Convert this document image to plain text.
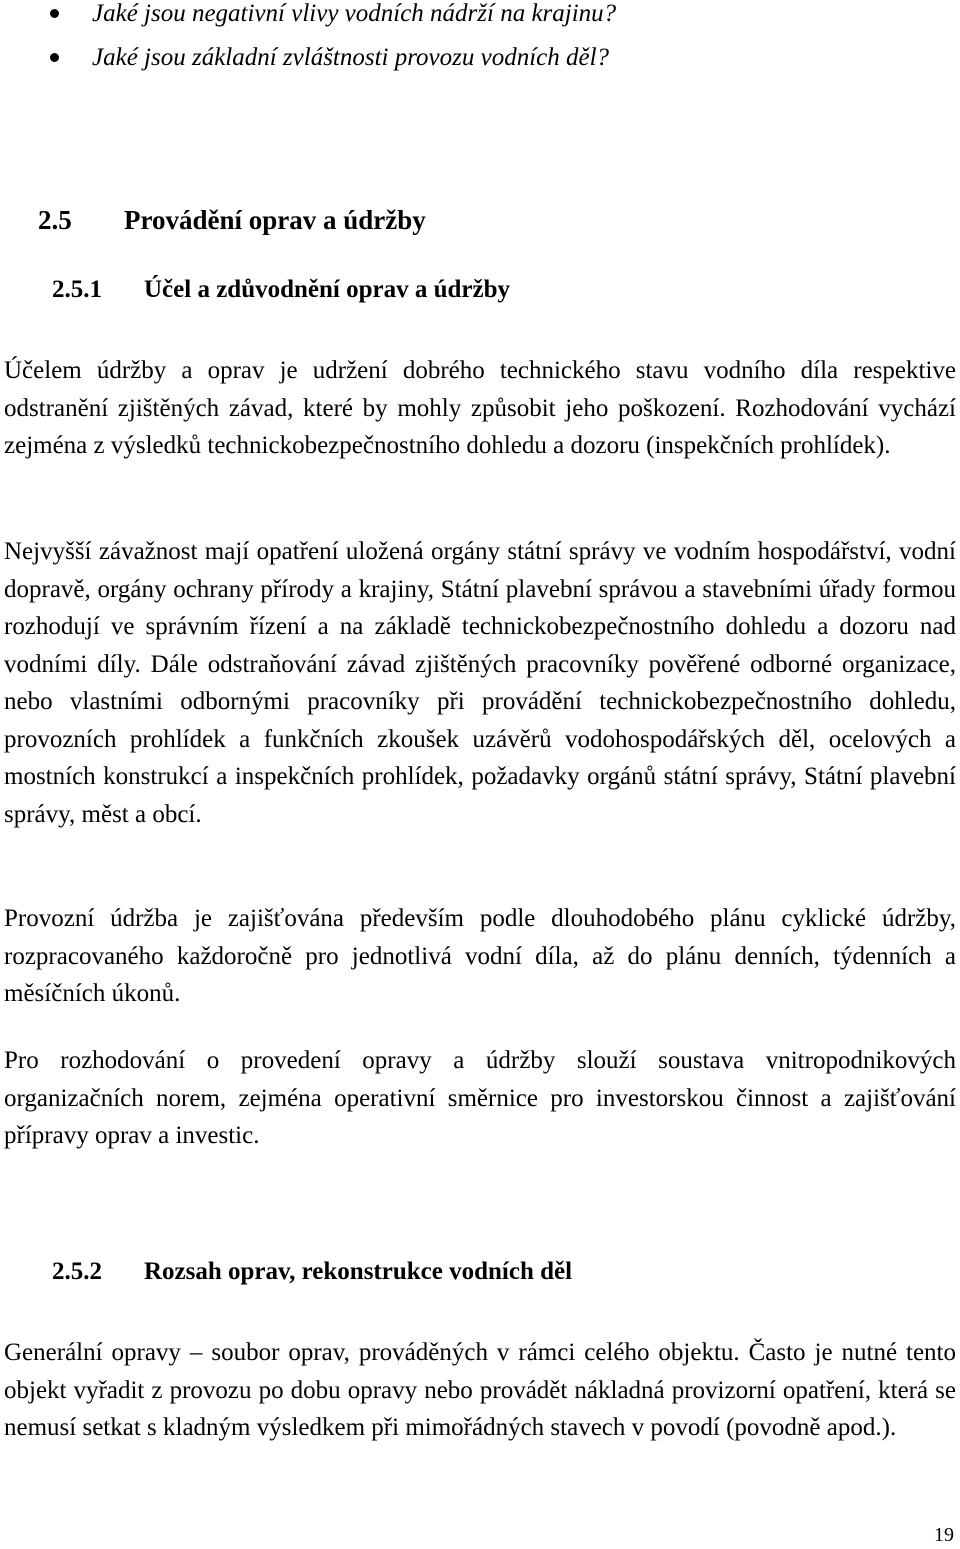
Jaké jsou negativní vlivy vodních nádrží na krajinu?
Jaké jsou základní zvláštnosti provozu vodních děl?
2.5 Provádění oprav a údržby
2.5.1 Účel a zdůvodnění oprav a údržby

Účelem údržby a oprav je udržení dobrého technického stavu vodního díla respektive odstranění zjištěných závad, které by mohly způsobit jeho poškození. Rozhodování vychází zejména z výsledků technickobezpečnostního dohledu a dozoru (inspekčních prohlídek).

Nejvyšší závažnost mají opatření uložená orgány státní správy ve vodním hospodářství, vodní dopravě, orgány ochrany přírody a krajiny, Státní plavební správou a stavebními úřady formou rozhodují ve správním řízení a na základě technickobezpečnostního dohledu a dozoru nad vodními díly. Dále odstraňování závad zjištěných pracovníky pověřené odborné organizace, nebo vlastními odbornými pracovníky při provádění technickobezpečnostního dohledu, provozních prohlídek a funkčních zkoušek uzávěrů vodohospodářských děl, ocelových a mostních konstrukcí a inspekčních prohlídek, požadavky orgánů státní správy, Státní plavební správy, měst a obcí.

Provozní údržba je zajišťována především podle dlouhodobého plánu cyklické údržby, rozpracovaného každoročně pro jednotlivá vodní díla, až do plánu denních, týdenních a měsíčních úkonů.

Pro rozhodování o provedení opravy a údržby slouží soustava vnitropodnikových organizačních norem, zejména operativní směrnice pro investorskou činnost a zajišťování přípravy oprav a investic.

2.5.2 Rozsah oprav, rekonstrukce vodních děl

Generální opravy – soubor oprav, prováděných v rámci celého objektu. Často je nutné tento objekt vyřadit z provozu po dobu opravy nebo provádět nákladná provizorní opatření, která se nemusí setkat s kladným výsledkem při mimořádných stavech v povodí (povodně apod.).

19
